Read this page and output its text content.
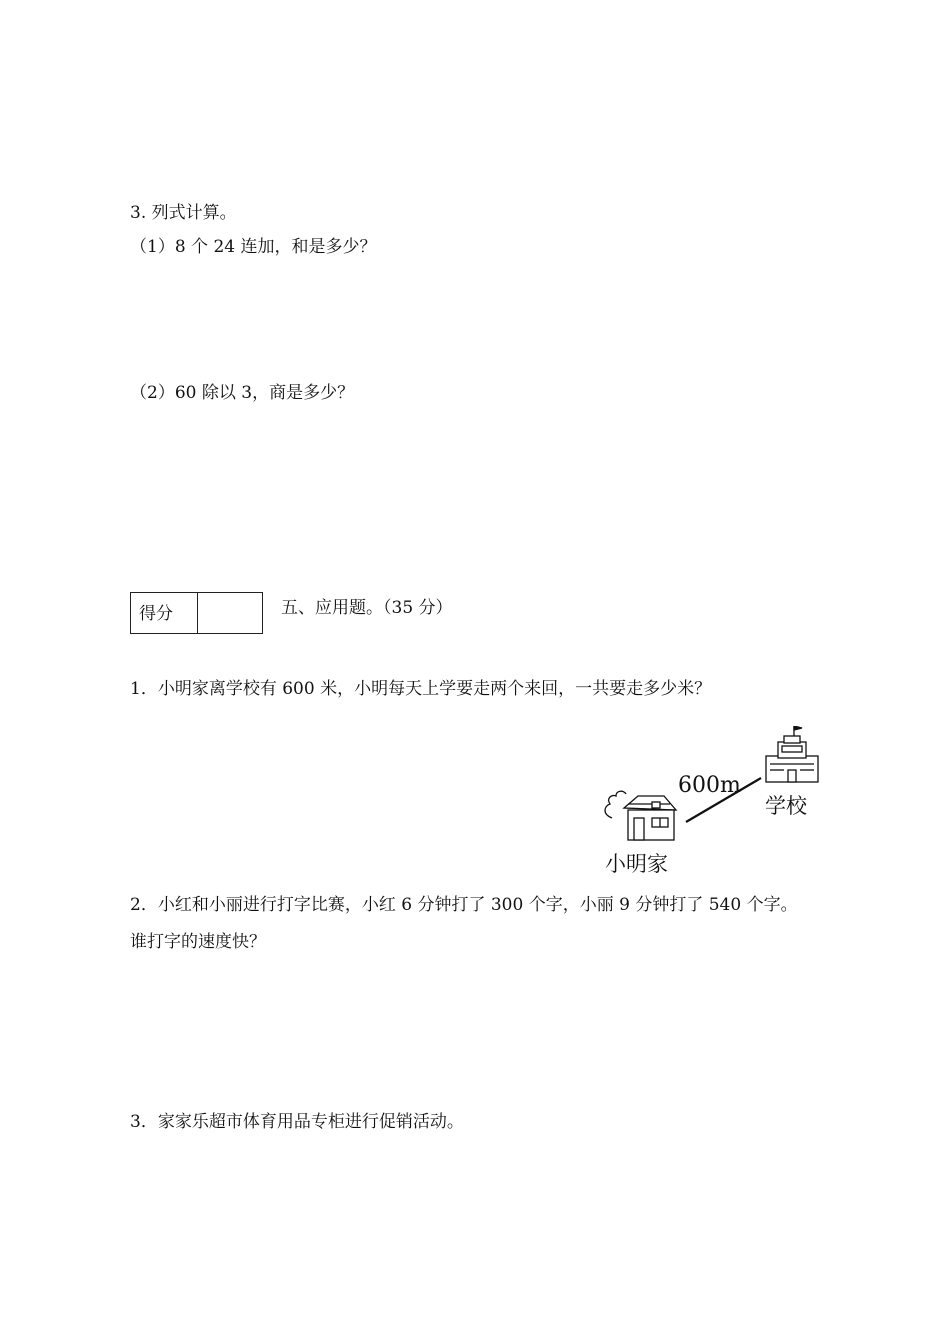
3. 列式计算。
（1）8 个 24 连加，和是多少？
（2）60 除以 3，商是多少？
得分	五、应用题。（35 分）
1．小明家离学校有 600 米，小明每天上学要走两个来回，一共要走多少米？
600m
学校
小明家
2．小红和小丽进行打字比赛，小红 6 分钟打了 300 个字，小丽 9 分钟打了 540 个字。
谁打字的速度快？
3．家家乐超市体育用品专柜进行促销活动。
